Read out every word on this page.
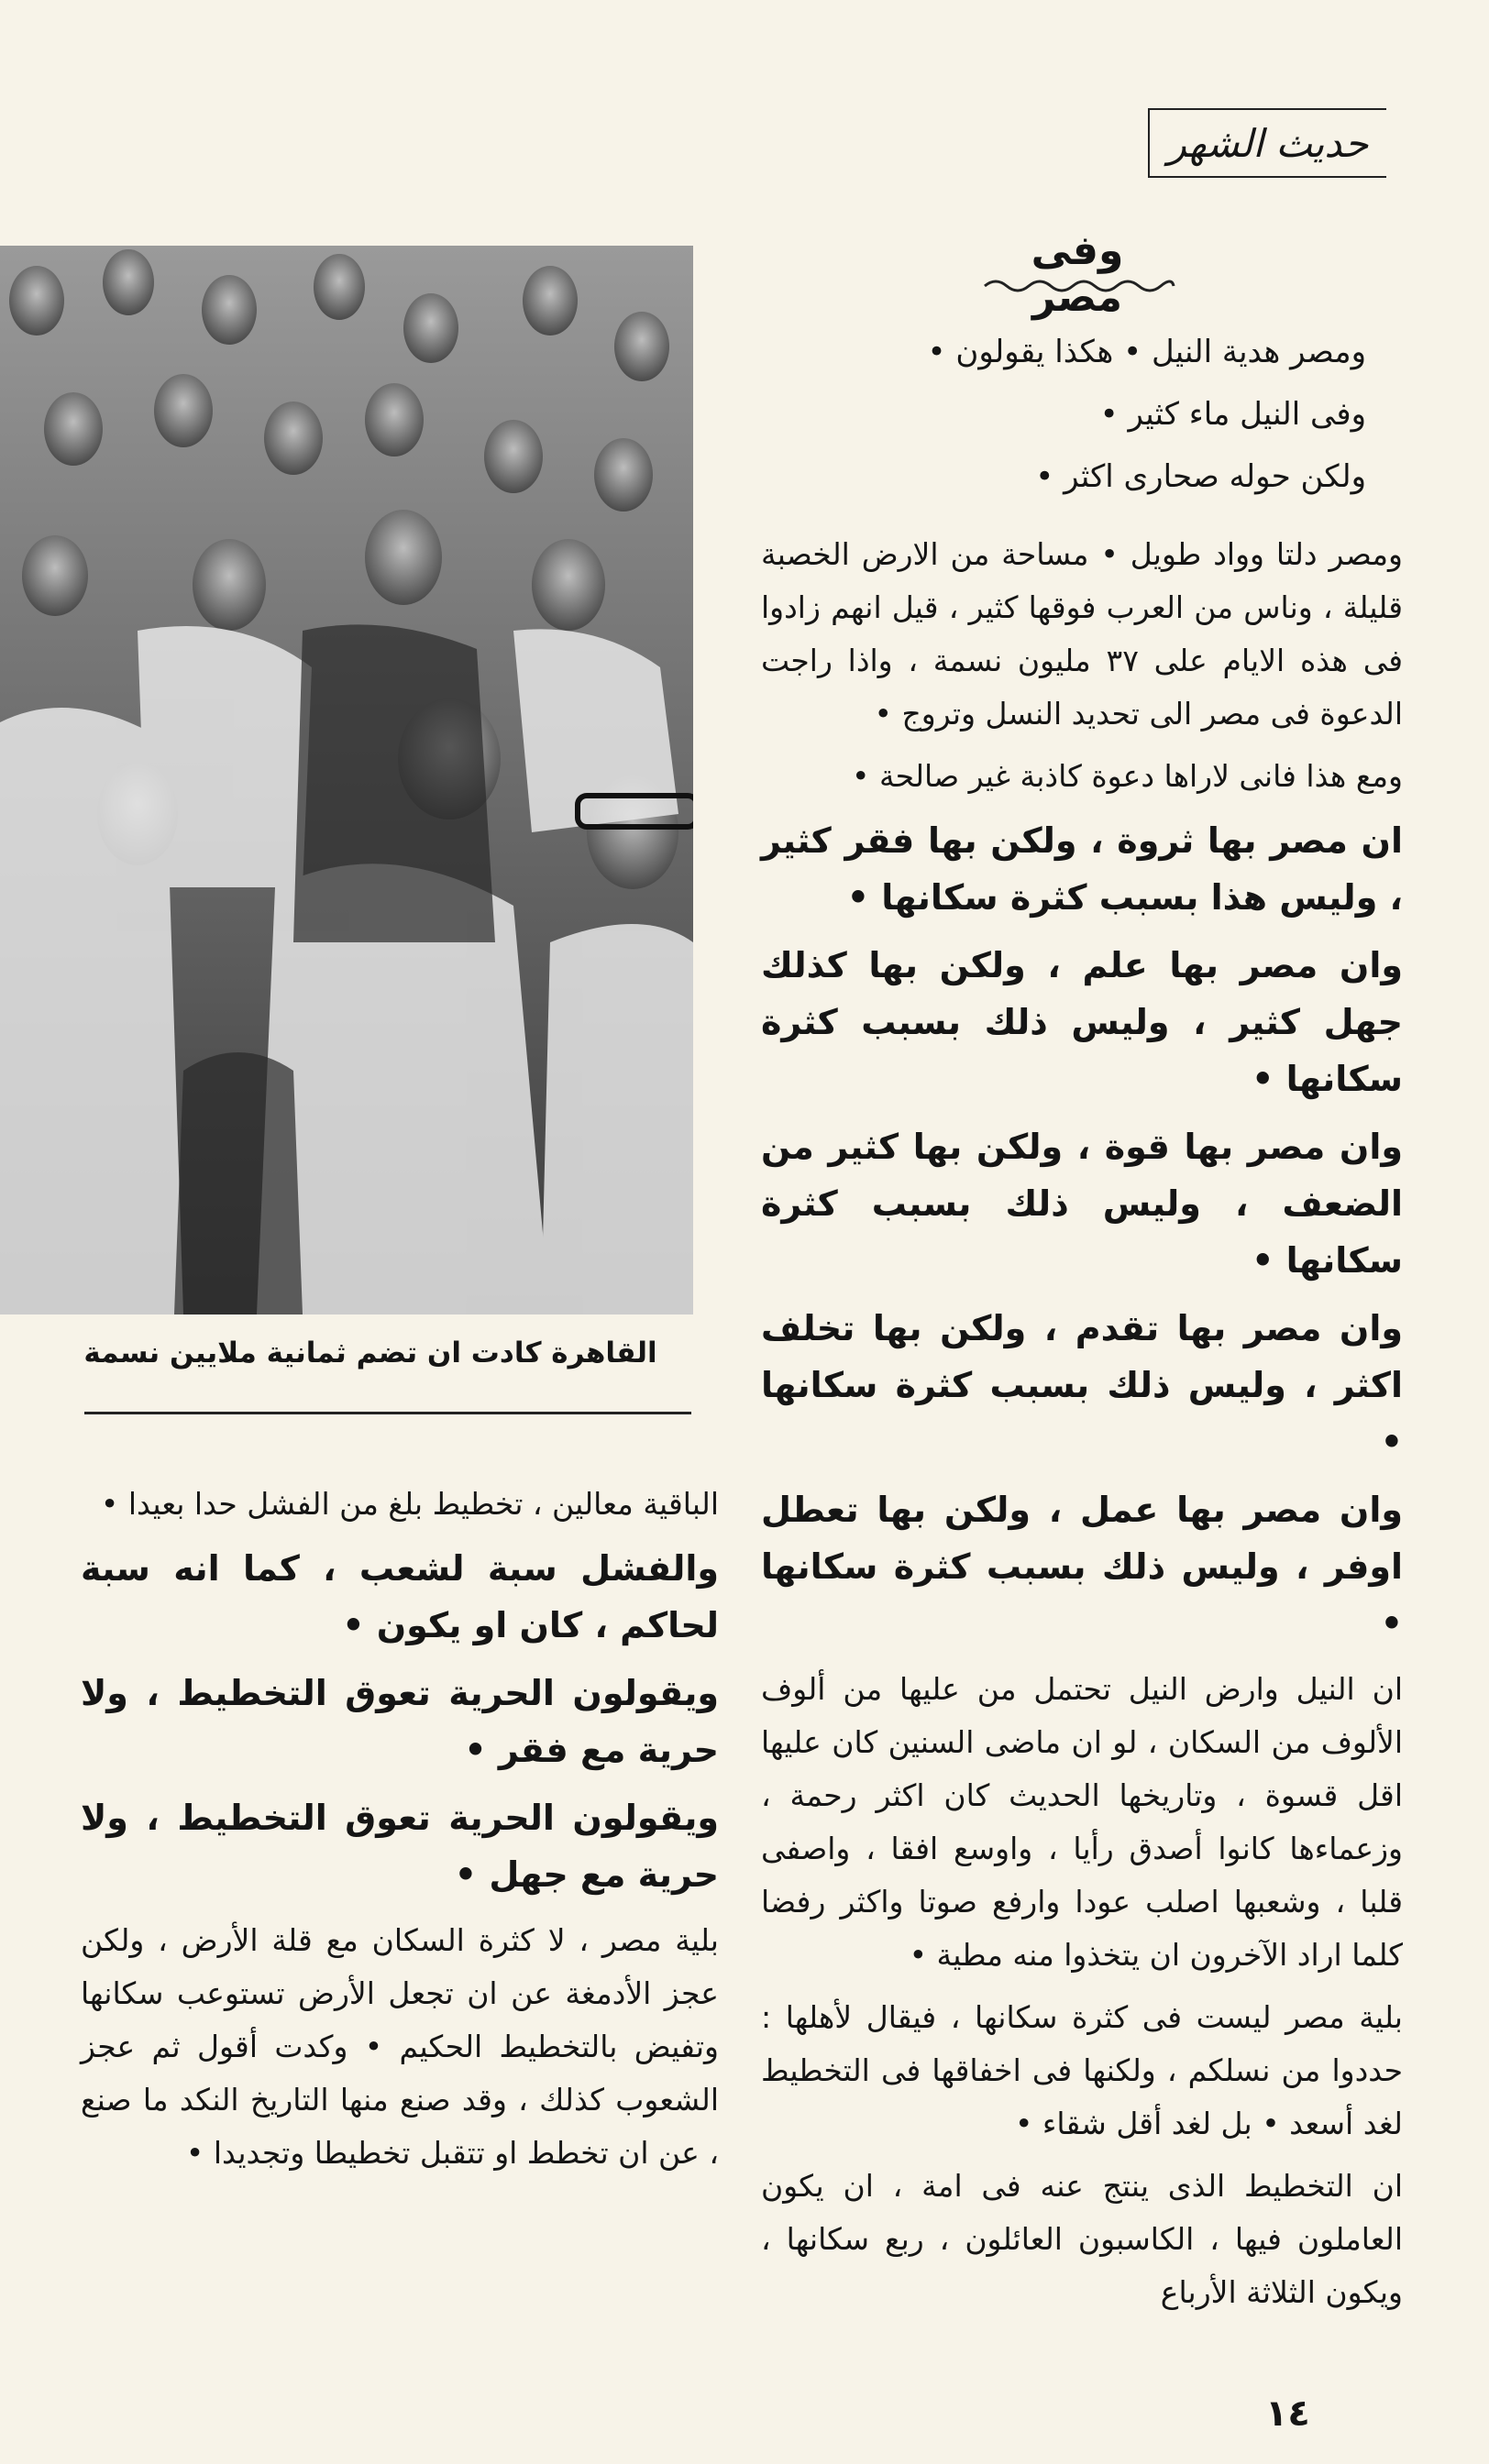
حديث الشهر
القاهرة كادت ان تضم ثمانية ملايين نسمة
وفى مصر

ومصر هدية النيل • هكذا يقولون •

وفى النيل ماء كثير •

ولكن حوله صحارى اكثر •

ومصر دلتا وواد طويل • مساحة من الارض الخصبة قليلة ، وناس من العرب فوقها كثير ، قيل انهم زادوا فى هذه الايام على ٣٧ مليون نسمة ، واذا راجت الدعوة فى مصر الى تحديد النسل وتروج •

ومع هذا فانى لاراها دعوة كاذبة غير صالحة •

ان مصر بها ثروة ، ولكن بها فقر كثير ، وليس هذا بسبب كثرة سكانها •

وان مصر بها علم ، ولكن بها كذلك جهل كثير ، وليس ذلك بسبب كثرة سكانها •

وان مصر بها قوة ، ولكن بها كثير من الضعف ، وليس ذلك بسبب كثرة سكانها •

وان مصر بها تقدم ، ولكن بها تخلف اكثر ، وليس ذلك بسبب كثرة سكانها •

وان مصر بها عمل ، ولكن بها تعطل اوفر ، وليس ذلك بسبب كثرة سكانها •

ان النيل وارض النيل تحتمل من عليها من ألوف الألوف من السكان ، لو ان ماضى السنين كان عليها اقل قسوة ، وتاريخها الحديث كان اكثر رحمة ، وزعماءها كانوا أصدق رأيا ، واوسع افقا ، واصفى قلبا ، وشعبها اصلب عودا وارفع صوتا واكثر رفضا كلما اراد الآخرون ان يتخذوا منه مطية •

بلية مصر ليست فى كثرة سكانها ، فيقال لأهلها : حددوا من نسلكم ، ولكنها فى اخفاقها فى التخطيط لغد أسعد • بل لغد أقل شقاء •

ان التخطيط الذى ينتج عنه فى امة ، ان يكون العاملون فيها ، الكاسبون العائلون ، ربع سكانها ، ويكون الثلاثة الأرباع

الباقية معالين ، تخطيط بلغ من الفشل حدا بعيدا •

والفشل سبة لشعب ، كما انه سبة لحاكم ، كان او يكون •

ويقولون الحرية تعوق التخطيط ، ولا حرية مع فقر •

ويقولون الحرية تعوق التخطيط ، ولا حرية مع جهل •

بلية مصر ، لا كثرة السكان مع قلة الأرض ، ولكن عجز الأدمغة عن ان تجعل الأرض تستوعب سكانها وتفيض بالتخطيط الحكيم • وكدت أقول ثم عجز الشعوب كذلك ، وقد صنع منها التاريخ النكد ما صنع ، عن ان تخطط او تتقبل تخطيطا وتجديدا •

١٤
